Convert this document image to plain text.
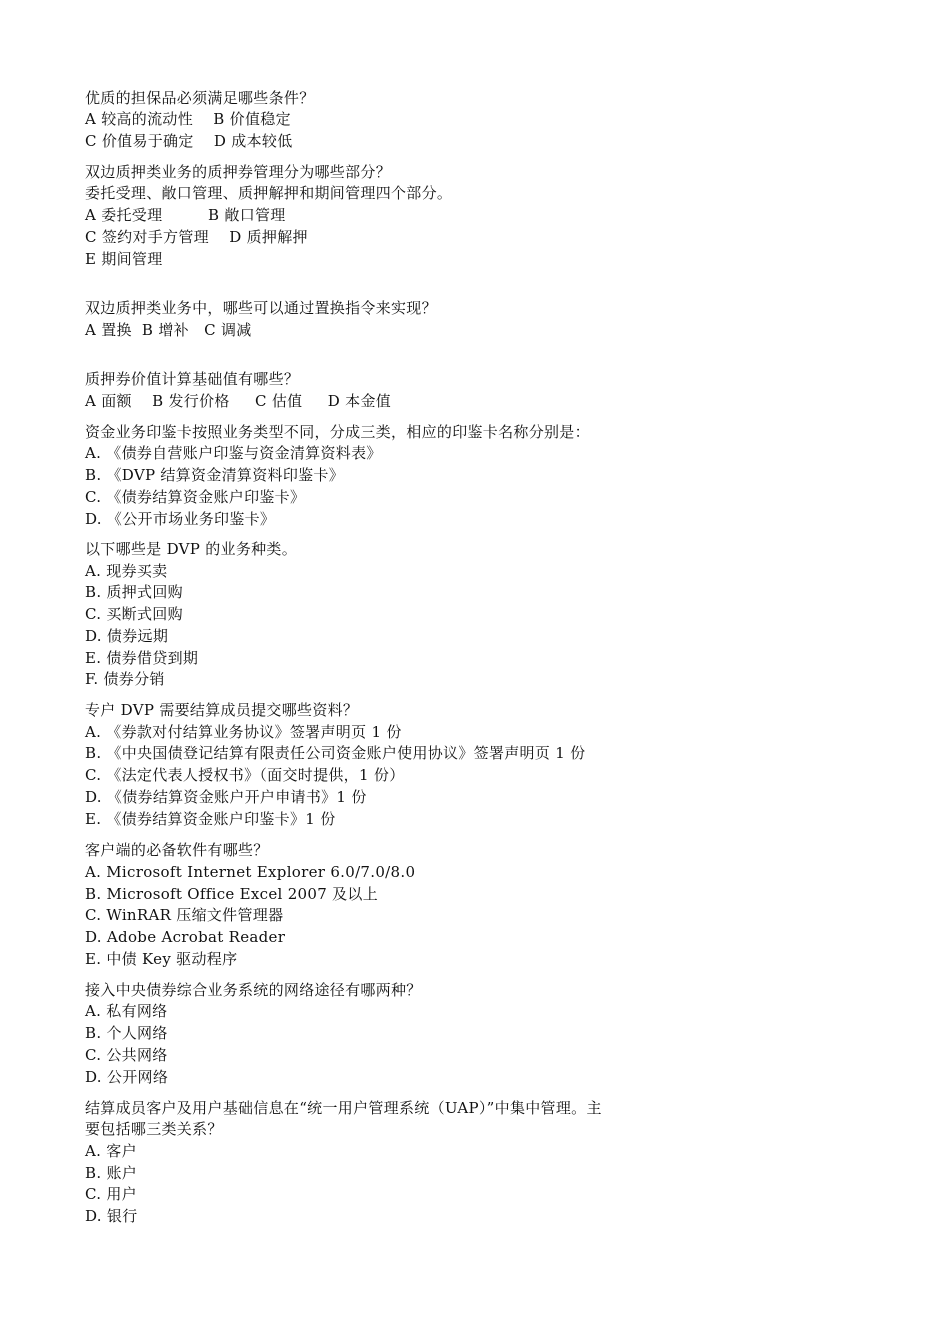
优质的担保品必须满足哪些条件？
A 较高的流动性    B 价值稳定
C 价值易于确定    D 成本较低
双边质押类业务的质押券管理分为哪些部分？
委托受理、敞口管理、质押解押和期间管理四个部分。
A 委托受理         B 敞口管理
C 签约对手方管理    D 质押解押
E 期间管理
双边质押类业务中，哪些可以通过置换指令来实现？
A 置换  B 增补   C 调减
质押券价值计算基础值有哪些？
A 面额    B 发行价格     C 估值     D 本金值
资金业务印鉴卡按照业务类型不同，分成三类，相应的印鉴卡名称分别是：
A. 《债券自营账户印鉴与资金清算资料表》
B. 《DVP 结算资金清算资料印鉴卡》
C. 《债券结算资金账户印鉴卡》
D. 《公开市场业务印鉴卡》
以下哪些是 DVP 的业务种类。
A. 现券买卖
B. 质押式回购
C. 买断式回购
D. 债券远期
E. 债券借贷到期
F. 债券分销
专户 DVP 需要结算成员提交哪些资料？
A. 《券款对付结算业务协议》签署声明页 1 份
B. 《中央国债登记结算有限责任公司资金账户使用协议》签署声明页 1 份
C. 《法定代表人授权书》（面交时提供，1 份）
D. 《债券结算资金账户开户申请书》1 份
E. 《债券结算资金账户印鉴卡》1 份
客户端的必备软件有哪些？
A. Microsoft Internet Explorer 6.0/7.0/8.0
B. Microsoft Office Excel 2007 及以上
C. WinRAR 压缩文件管理器
D. Adobe Acrobat Reader
E. 中债 Key 驱动程序
接入中央债券综合业务系统的网络途径有哪两种？
A. 私有网络
B. 个人网络
C. 公共网络
D. 公开网络
结算成员客户及用户基础信息在“统一用户管理系统（UAP）”中集中管理。主
要包括哪三类关系？
A. 客户
B. 账户
C. 用户
D. 银行
